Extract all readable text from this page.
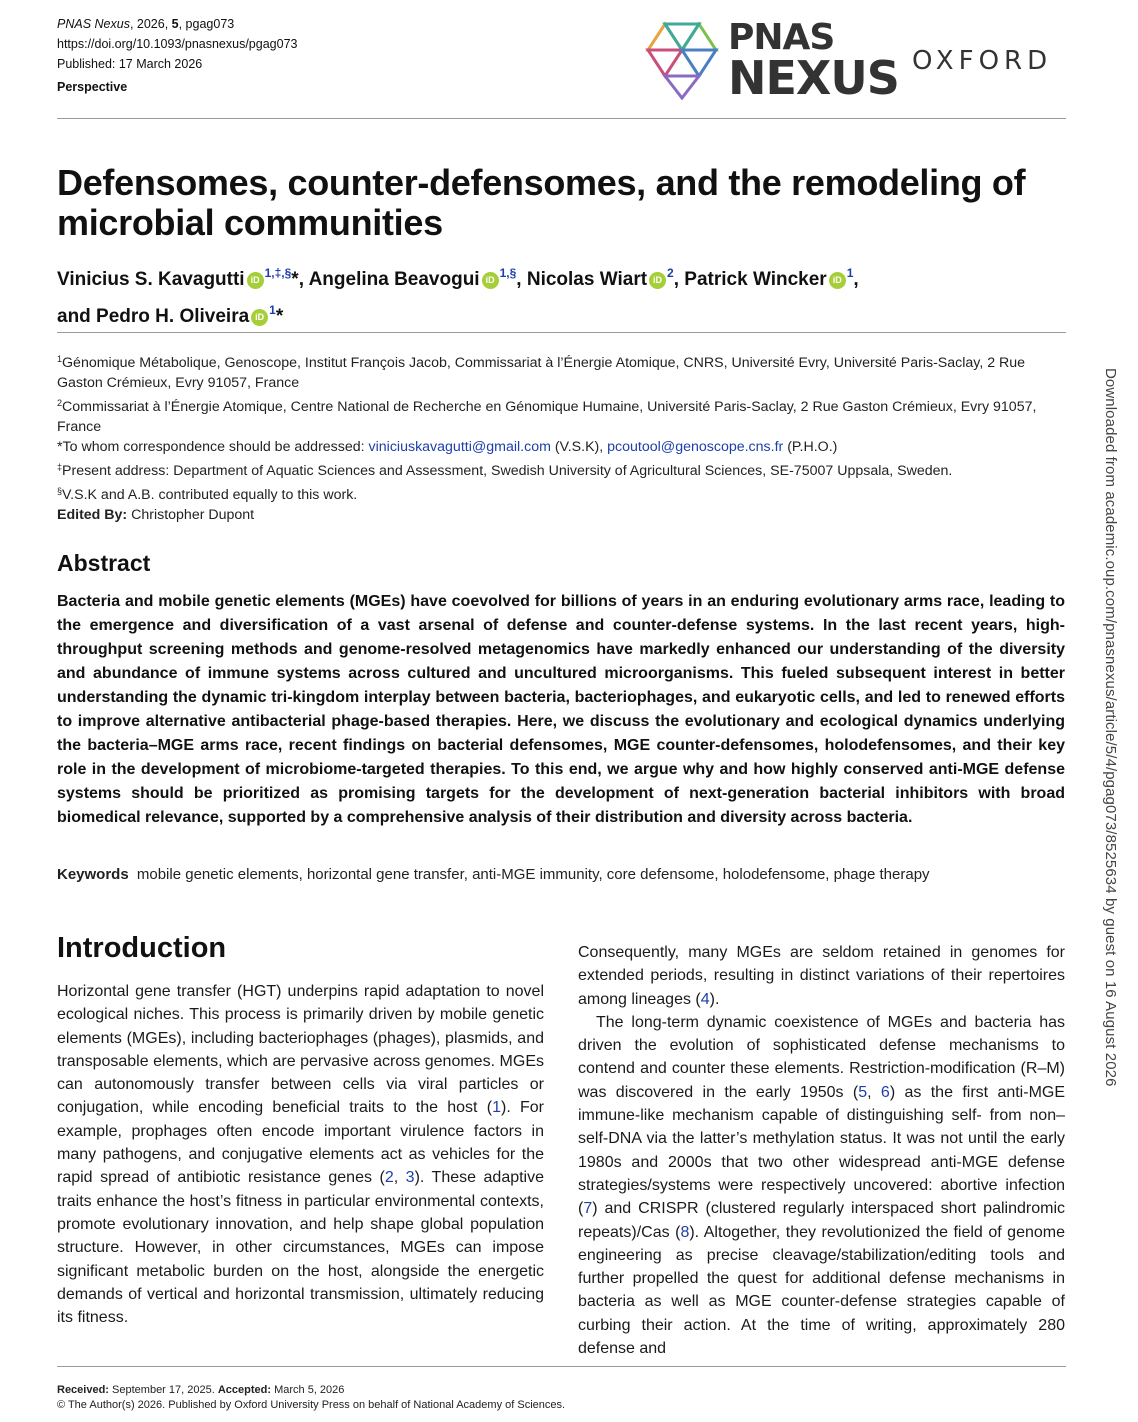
PNAS Nexus, 2026, 5, pgag073
https://doi.org/10.1093/pnasnexus/pgag073
Published: 17 March 2026
Perspective
PNAS
NEXUS OXFORD
Defensomes, counter-defensomes, and the remodeling of microbial communities
Vinicius S. Kavagutti iD $^{1,\ddagger,\S}$*, Angelina Beavogui iD $^{1,\S}$, Nicolas Wiart iD $^2$, Patrick Wincker iD $^1$,
and Pedro H. Oliveira iD $^1$*

$^1$Génomique Métabolique, Genoscope, Institut François Jacob, Commissariat à l’Énergie Atomique, CNRS, Université Evry, Université Paris-Saclay, 2 Rue Gaston Crémieux, Evry 91057, France

$^2$Commissariat à l’Énergie Atomique, Centre National de Recherche en Génomique Humaine, Université Paris-Saclay, 2 Rue Gaston Crémieux, Evry 91057, France

*To whom correspondence should be addressed: viniciuskavagutti@gmail.com (V.S.K), pcoutool@genoscope.cns.fr (P.H.O.)

‡Present address: Department of Aquatic Sciences and Assessment, Swedish University of Agricultural Sciences, SE-75007 Uppsala, Sweden.

§V.S.K and A.B. contributed equally to this work.

Edited By: Christopher Dupont

Abstract

Bacteria and mobile genetic elements (MGEs) have coevolved for billions of years in an enduring evolutionary arms race, leading to the emergence and diversification of a vast arsenal of defense and counter-defense systems. In the last recent years, high-throughput screening methods and genome-resolved metagenomics have markedly enhanced our understanding of the diversity and abundance of immune systems across cultured and uncultured microorganisms. This fueled subsequent interest in better understanding the dynamic tri-kingdom interplay between bacteria, bacteriophages, and eukaryotic cells, and led to renewed efforts to improve alternative antibacterial phage-based therapies. Here, we discuss the evolutionary and ecological dynamics underlying the bacteria–MGE arms race, recent findings on bacterial defensomes, MGE counter-defensomes, holodefensomes, and their key role in the development of microbiome-targeted therapies. To this end, we argue why and how highly conserved anti-MGE defense systems should be prioritized as promising targets for the development of next-generation bacterial inhibitors with broad biomedical relevance, supported by a comprehensive analysis of their distribution and diversity across bacteria.

Keywords mobile genetic elements, horizontal gene transfer, anti-MGE immunity, core defensome, holodefensome, phage therapy
Introduction

Horizontal gene transfer (HGT) underpins rapid adaptation to novel ecological niches. This process is primarily driven by mobile genetic elements (MGEs), including bacteriophages (phages), plasmids, and transposable elements, which are pervasive across genomes. MGEs can autonomously transfer between cells via viral particles or conjugation, while encoding beneficial traits to the host (1). For example, prophages often encode important virulence factors in many pathogens, and conjugative elements act as vehicles for the rapid spread of antibiotic resistance genes (2, 3). These adaptive traits enhance the host’s fitness in particular environmental contexts, promote evolutionary innovation, and help shape global population structure. However, in other circumstances, MGEs can impose significant metabolic burden on the host, alongside the energetic demands of vertical and horizontal transmission, ultimately reducing its fitness.

Consequently, many MGEs are seldom retained in genomes for extended periods, resulting in distinct variations of their repertoires among lineages (4).

The long-term dynamic coexistence of MGEs and bacteria has driven the evolution of sophisticated defense mechanisms to contend and counter these elements. Restriction-modification (R–M) was discovered in the early 1950s (5, 6) as the first anti-MGE immune-like mechanism capable of distinguishing self- from non–self-DNA via the latter’s methylation status. It was not until the early 1980s and 2000s that two other widespread anti-MGE defense strategies/systems were respectively uncovered: abortive infection (7) and CRISPR (clustered regularly interspaced short palindromic repeats)/Cas (8). Altogether, they revolutionized the field of genome engineering as precise cleavage/stabilization/editing tools and further propelled the quest for additional defense mechanisms in bacteria as well as MGE counter-defense strategies capable of curbing their action. At the time of writing, approximately 280 defense and

Received: September 17, 2025. Accepted: March 5, 2026
© The Author(s) 2026. Published by Oxford University Press on behalf of National Academy of Sciences.
Downloaded from academic.oup.com/pnasnexus/article/5/4/pgag073/8525634 by guest on 16 August 2026
